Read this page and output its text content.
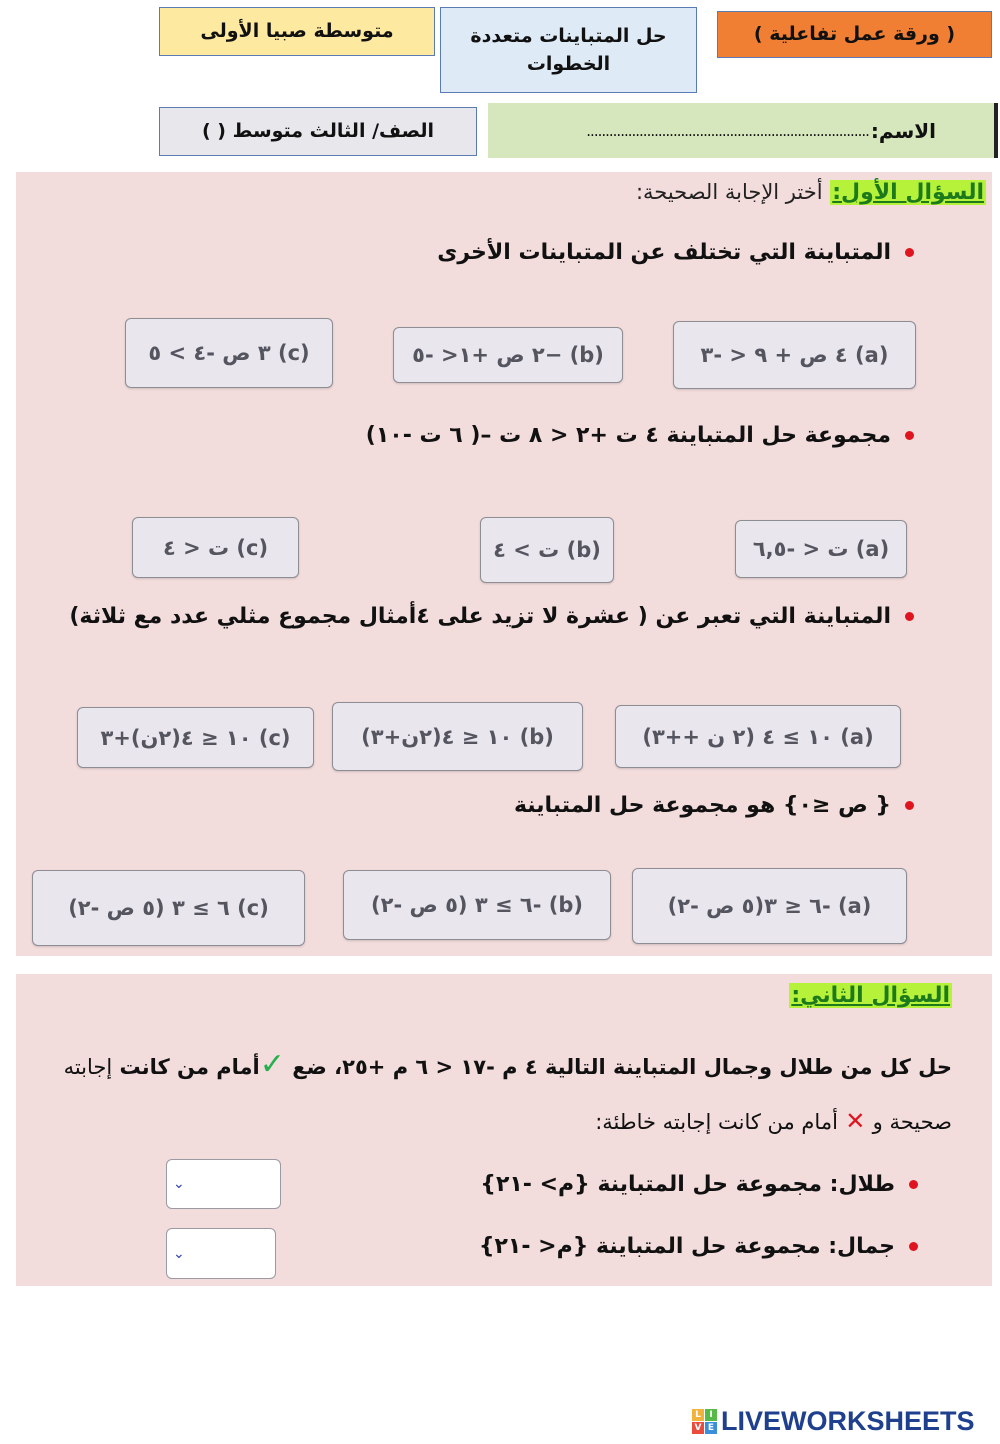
متوسطة صبيا الأولى	حل المتباينات متعددة الخطوات
( ورقة عمل تفاعلية )
الصف/ الثالث متوسط ( )	الاسم:
...........................................................................
السؤال الأول: أختر الإجابة الصحيحة:
المتباينة التي تختلف عن المتباينات الأخرى
(a) ٤ ص + ٩ < -٣
(b) −٢ ص +١< -٥
(c) ٣ ص -٤ > ٥
مجموعة حل المتباينة ٤ ت +٢ < ٨ ت –( ٦ ت -١٠)
(a) ت < -٦,٥
(b) ت > ٤
(c) ت < ٤
المتباينة التي تعبر عن ( عشرة لا تزيد على ٤أمثال مجموع مثلي عدد مع ثلاثة)
(a) ١٠ ≥ ٤ (٢ ن ++٣)
(b) ١٠ ≤ ٤(٢ن+٣)
(c) ١٠ ≤ ٤(٢ن)+٣
{ ص ≤٠} هو مجموعة حل المتباينة
(a) -٦ ≤ ٣(٥ ص -٢)
(b) -٦ ≥ ٣ (٥ ص -٢)
(c) ٦ ≥ ٣ (٥ ص -٢)
السؤال الثاني:
حل كل من طلال وجمال المتباينة التالية ٤ م -١٧ < ٦ م +٢٥، ضع ✓أمام من كانت إجابته صحيحة و ✕ أمام من كانت إجابته خاطئة:
طلال: مجموعة حل المتباينة {م> -٢١}
⌄
جمال: مجموعة حل المتباينة {م< -٢١}
⌄
L I
V E LIVEWORKSHEETS
